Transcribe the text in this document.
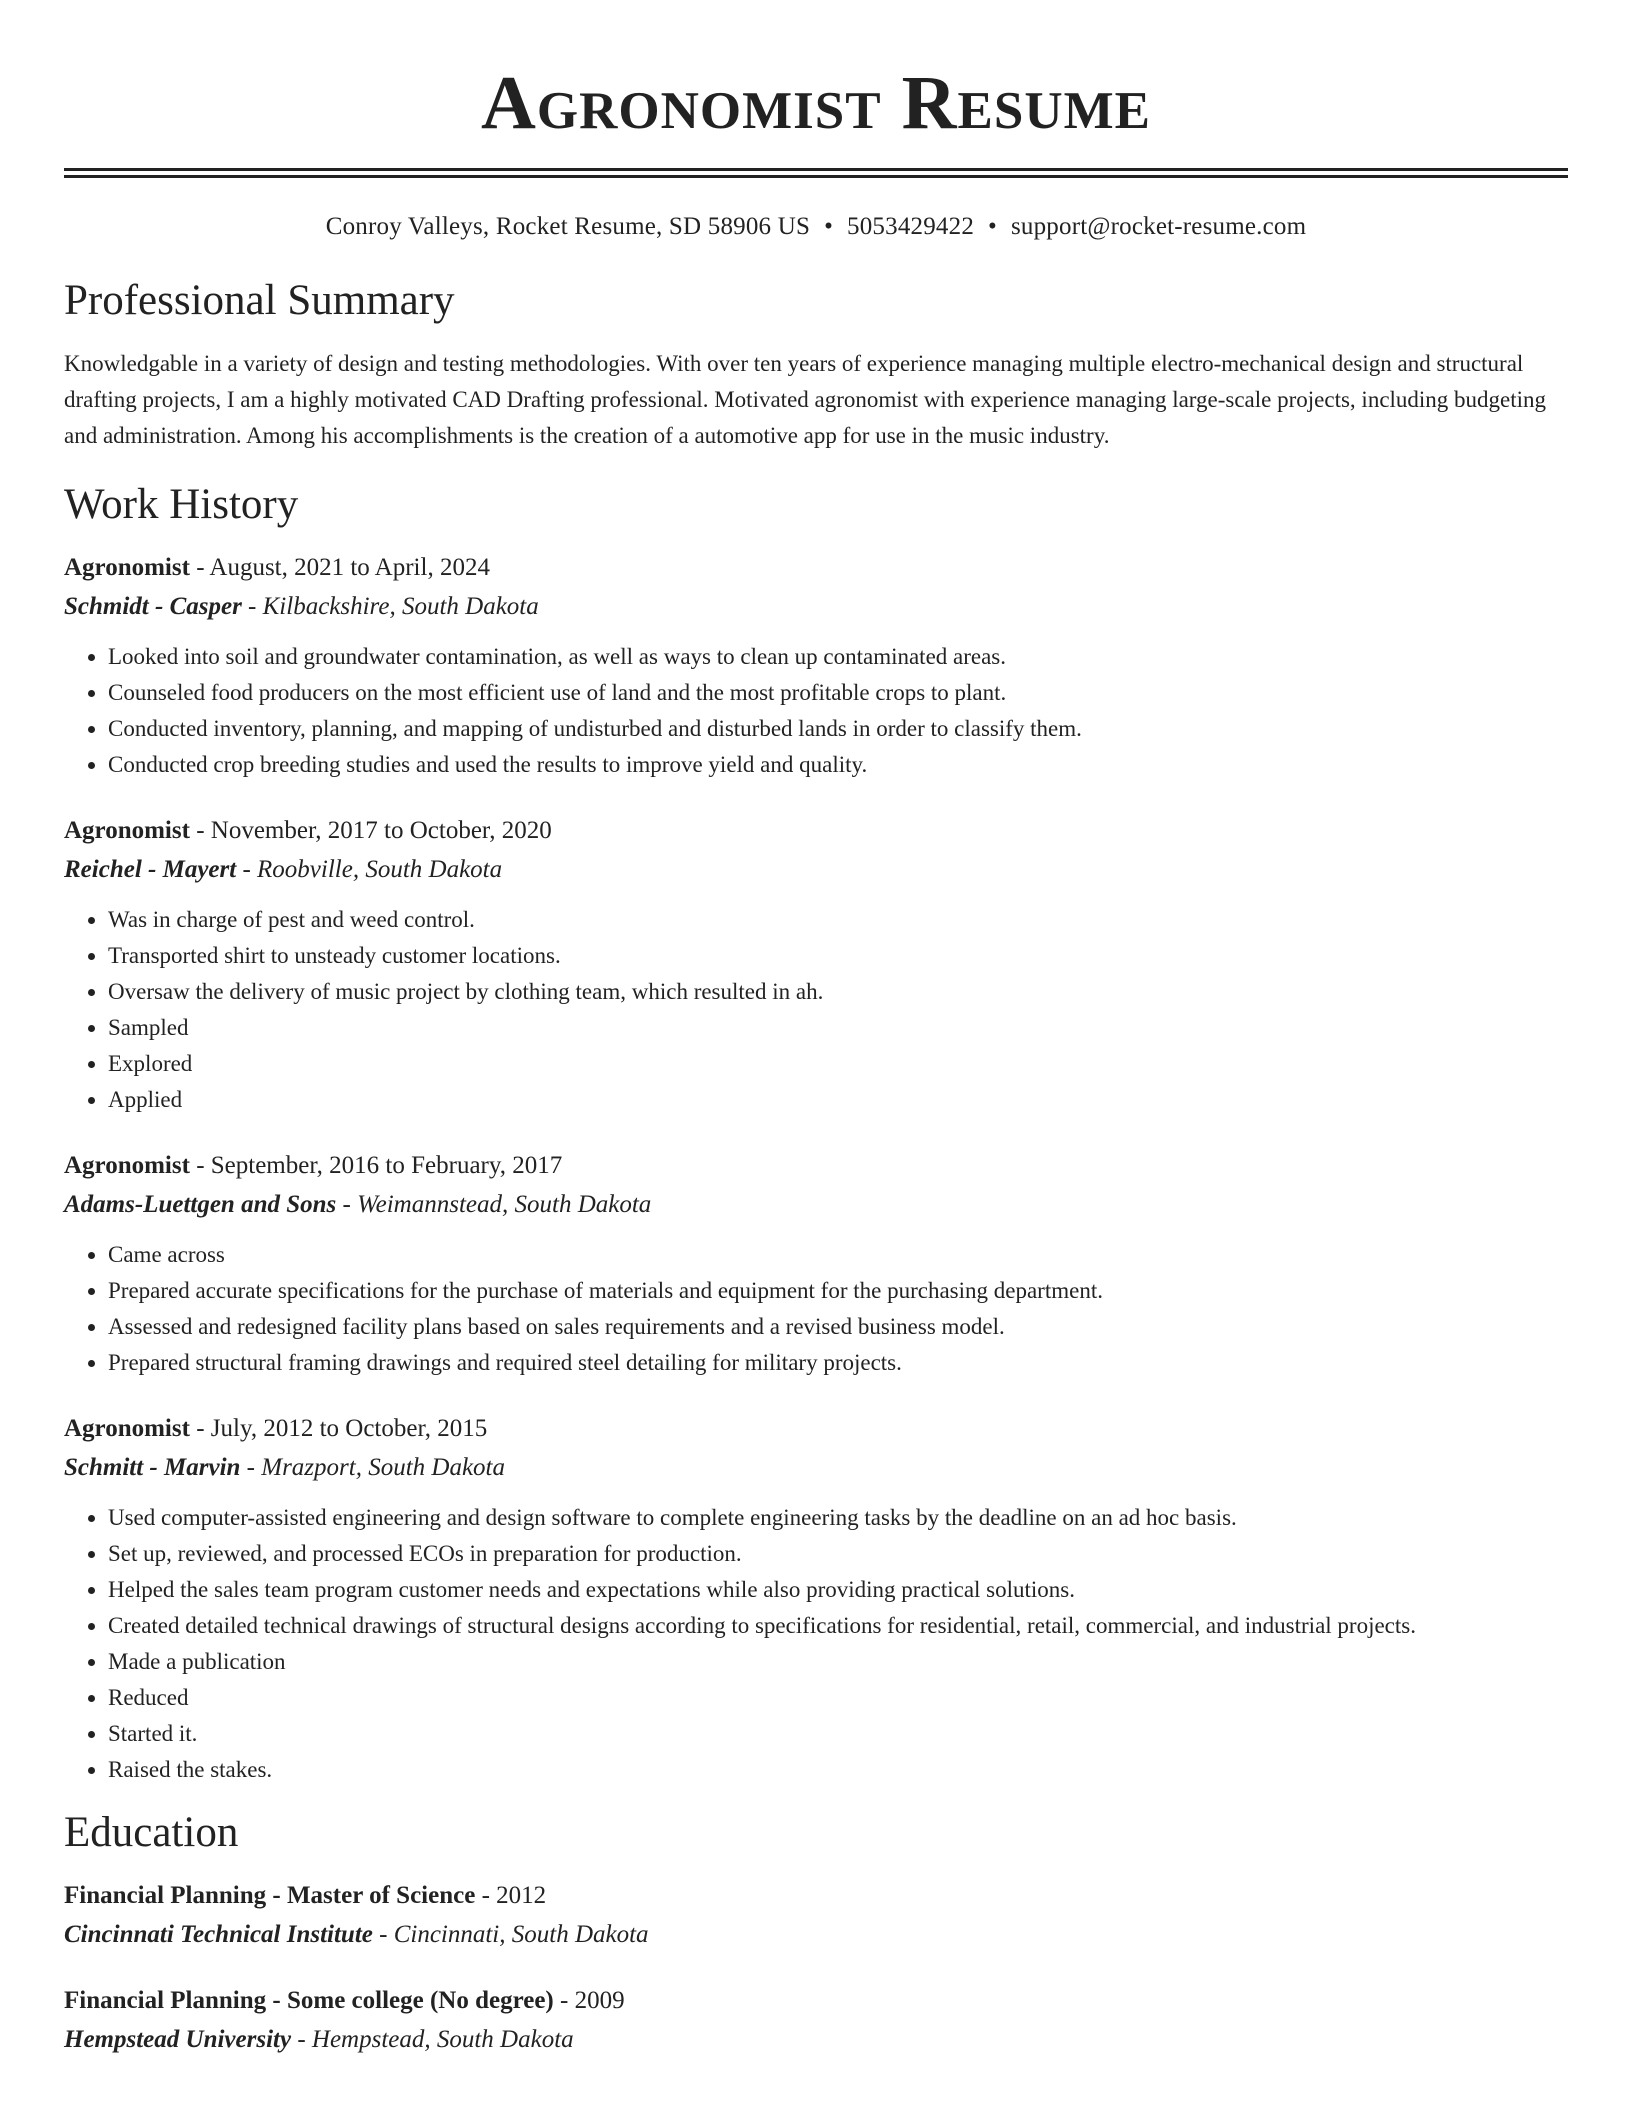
Agronomist Resume
Conroy Valleys, Rocket Resume, SD 58906 US • 5053429422 • support@rocket-resume.com
Professional Summary
Knowledgable in a variety of design and testing methodologies. With over ten years of experience managing multiple electro-mechanical design and structural drafting projects, I am a highly motivated CAD Drafting professional. Motivated agronomist with experience managing large-scale projects, including budgeting and administration. Among his accomplishments is the creation of a automotive app for use in the music industry.
Work History
Agronomist - August, 2021 to April, 2024
Schmidt - Casper - Kilbackshire, South Dakota
• Looked into soil and groundwater contamination, as well as ways to clean up contaminated areas.
• Counseled food producers on the most efficient use of land and the most profitable crops to plant.
• Conducted inventory, planning, and mapping of undisturbed and disturbed lands in order to classify them.
• Conducted crop breeding studies and used the results to improve yield and quality.
Agronomist - November, 2017 to October, 2020
Reichel - Mayert - Roobville, South Dakota
• Was in charge of pest and weed control.
• Transported shirt to unsteady customer locations.
• Oversaw the delivery of music project by clothing team, which resulted in ah.
• Sampled
• Explored
• Applied
Agronomist - September, 2016 to February, 2017
Adams-Luettgen and Sons - Weimannstead, South Dakota
• Came across
• Prepared accurate specifications for the purchase of materials and equipment for the purchasing department.
• Assessed and redesigned facility plans based on sales requirements and a revised business model.
• Prepared structural framing drawings and required steel detailing for military projects.
Agronomist - July, 2012 to October, 2015
Schmitt - Marvin - Mrazport, South Dakota
• Used computer-assisted engineering and design software to complete engineering tasks by the deadline on an ad hoc basis.
• Set up, reviewed, and processed ECOs in preparation for production.
• Helped the sales team program customer needs and expectations while also providing practical solutions.
• Created detailed technical drawings of structural designs according to specifications for residential, retail, commercial, and industrial projects.
• Made a publication
• Reduced
• Started it.
• Raised the stakes.
Education
Financial Planning - Master of Science - 2012
Cincinnati Technical Institute - Cincinnati, South Dakota
Financial Planning - Some college (No degree) - 2009
Hempstead University - Hempstead, South Dakota
